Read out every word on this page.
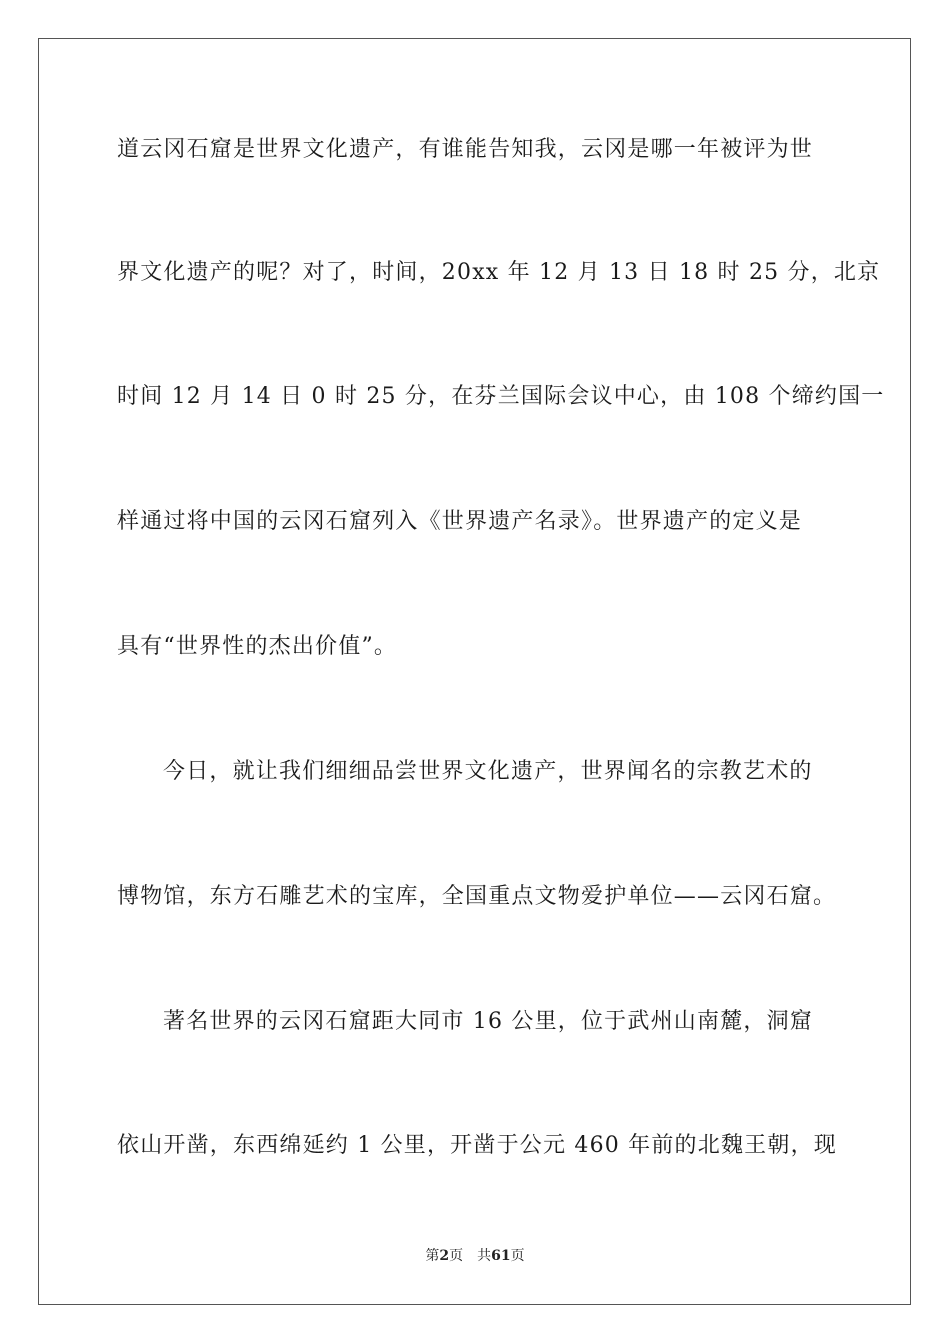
道云冈石窟是世界文化遗产，有谁能告知我，云冈是哪一年被评为世
界文化遗产的呢？对了，时间，20xx 年 12 月 13 日 18 时 25 分，北京
时间 12 月 14 日 0 时 25 分，在芬兰国际会议中心，由 108 个缔约国一
样通过将中国的云冈石窟列入《世界遗产名录》。世界遗产的定义是
具有“世界性的杰出价值”。
今日，就让我们细细品尝世界文化遗产，世界闻名的宗教艺术的
博物馆，东方石雕艺术的宝库，全国重点文物爱护单位——云冈石窟。
著名世界的云冈石窟距大同市 16 公里，位于武州山南麓，洞窟
依山开凿，东西绵延约 1 公里，开凿于公元 460 年前的北魏王朝，现
第2页 共61页
